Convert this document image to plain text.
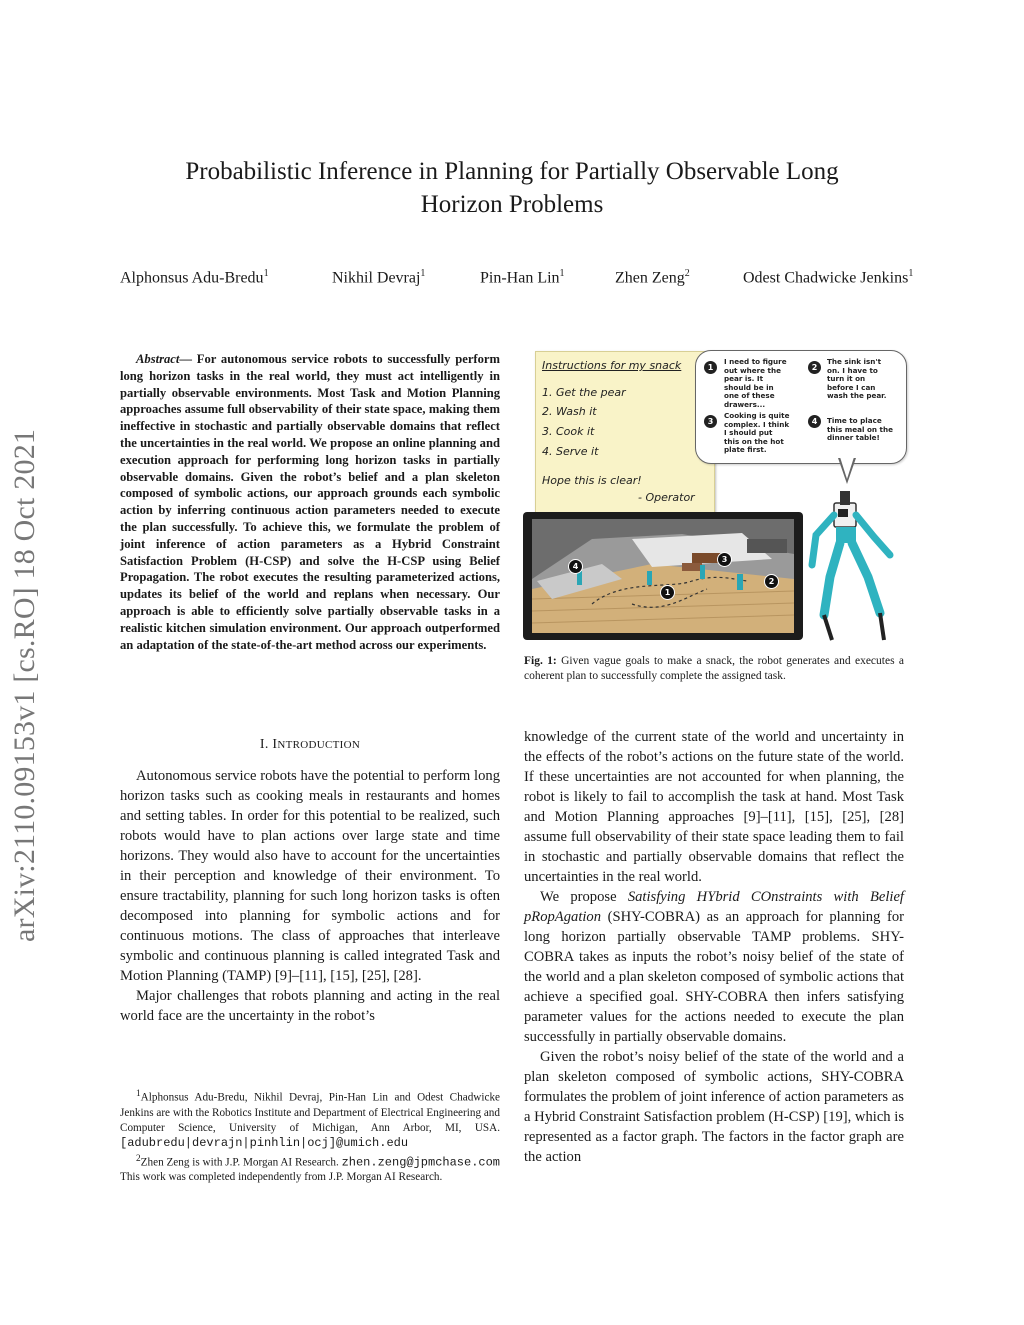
arXiv:2110.09153v1 [cs.RO] 18 Oct 2021
Probabilistic Inference in Planning for Partially Observable Long
Horizon Problems
Alphonsus Adu-Bredu$^1$	Nikhil Devraj$^1$	Pin-Han Lin$^1$	Zhen Zeng$^2$	Odest Chadwicke Jenkins$^1$
Abstract— For autonomous service robots to successfully perform long horizon tasks in the real world, they must act intelligently in partially observable environments. Most Task and Motion Planning approaches assume full observability of their state space, making them ineffective in stochastic and partially observable domains that reflect the uncertainties in the real world. We propose an online planning and execution approach for performing long horizon tasks in partially observable domains. Given the robot’s belief and a plan skeleton composed of symbolic actions, our approach grounds each symbolic action by inferring continuous action parameters needed to execute the plan successfully. To achieve this, we formulate the problem of joint inference of action parameters as a Hybrid Constraint Satisfaction Problem (H-CSP) and solve the H-CSP using Belief Propagation. The robot executes the resulting parameterized actions, updates its belief of the world and replans when necessary. Our approach is able to efficiently solve partially observable tasks in a realistic kitchen simulation environment. Our approach outperformed an adaptation of the state-of-the-art method across our experiments.
I. INTRODUCTION

Autonomous service robots have the potential to perform long horizon tasks such as cooking meals in restaurants and homes and setting tables. In order for this potential to be realized, such robots would have to plan actions over large state and time horizons. They would also have to account for the uncertainties in their perception and knowledge of their environment. To ensure tractability, planning for such long horizon tasks is often decomposed into planning for symbolic actions and for continuous motions. The class of approaches that interleave symbolic and continuous planning is called integrated Task and Motion Planning (TAMP) [9]–[11], [15], [25], [28].

Major challenges that robots planning and acting in the real world face are the uncertainty in the robot’s

$^1$Alphonsus Adu-Bredu, Nikhil Devraj, Pin-Han Lin and Odest Chadwicke Jenkins are with the Robotics Institute and Department of Electrical Engineering and Computer Science, University of Michigan, Ann Arbor, MI, USA. [adubredu|devrajn|pinhlin|ocj]@umich.edu
$^2$Zhen Zeng is with J.P. Morgan AI Research. zhen.zeng@jpmchase.com This work was completed independently from J.P. Morgan AI Research.
Instructions for my snack
1. Get the pear
2. Wash it
3. Cook it
4. Serve it
Hope this is clear!
- Operator
1
I need to figure out where the pear is. It should be in one of these drawers...
2
The sink isn't on. I have to turn it on before I can wash the pear.
3
Cooking is quite complex. I think I should put this on the hot plate first.
4	Time to place this meal on the dinner table!
4
3
1
2
Fig. 1: Given vague goals to make a snack, the robot generates and executes a coherent plan to successfully complete the assigned task.

knowledge of the current state of the world and uncertainty in the effects of the robot’s actions on the future state of the world. If these uncertainties are not accounted for when planning, the robot is likely to fail to accomplish the task at hand. Most Task and Motion Planning approaches [9]–[11], [15], [25], [28] assume full observability of their state space leading them to fail in stochastic and partially observable domains that reflect the uncertainties in the real world.

We propose Satisfying HYbrid COnstraints with Belief pRopAgation (SHY-COBRA) as an approach for planning for long horizon partially observable TAMP problems. SHY-COBRA takes as inputs the robot’s noisy belief of the state of the world and a plan skeleton composed of symbolic actions that achieve a specified goal. SHY-COBRA then infers satisfying parameter values for the actions needed to execute the plan successfully in partially observable domains.

Given the robot’s noisy belief of the state of the world and a plan skeleton composed of symbolic actions, SHY-COBRA formulates the problem of joint inference of action parameters as a Hybrid Constraint Satisfaction problem (H-CSP) [19], which is represented as a factor graph. The factors in the factor graph are the action
